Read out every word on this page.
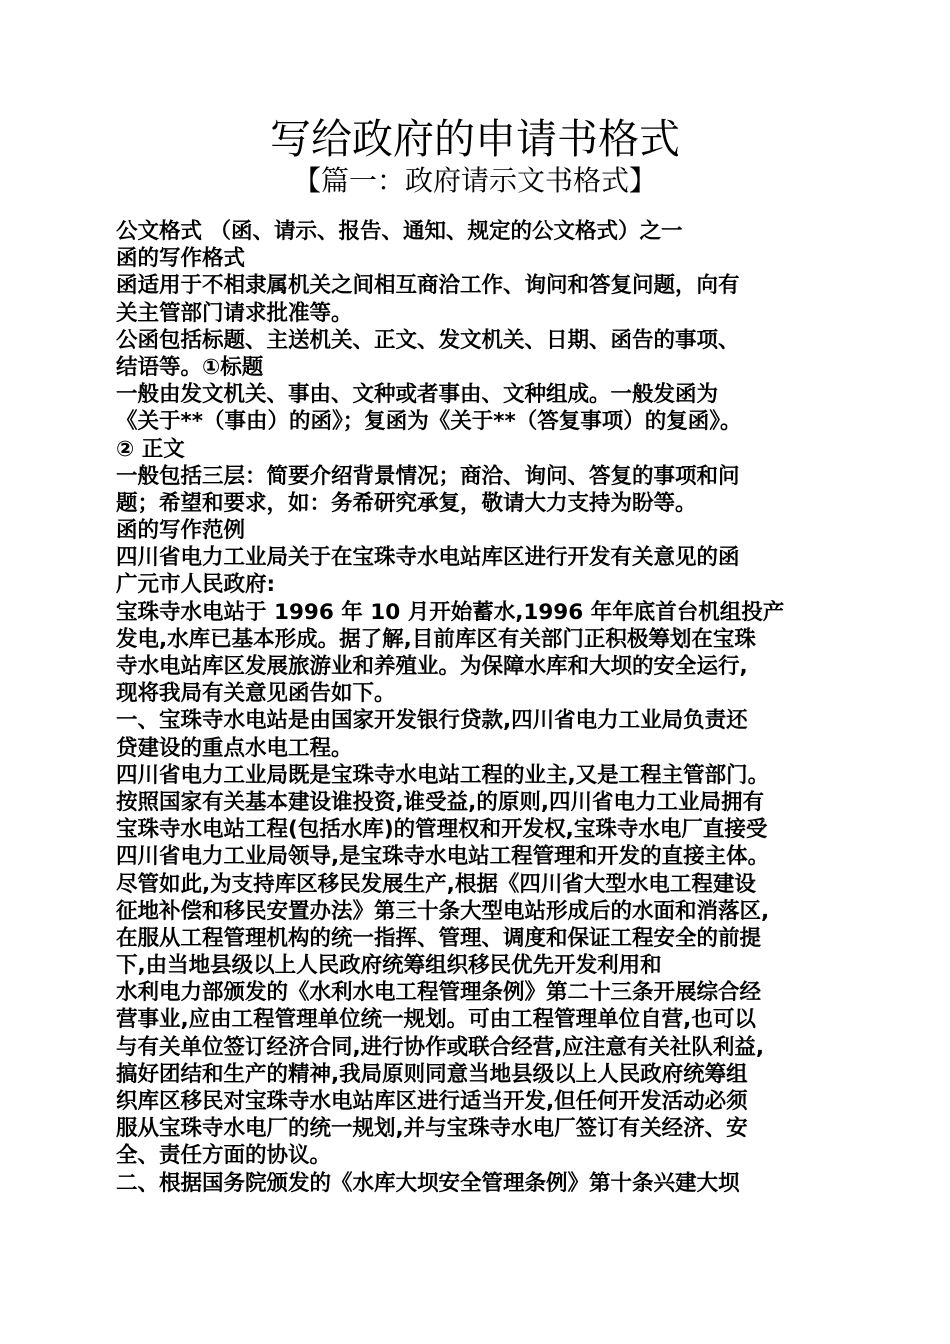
写给政府的申请书格式
【篇一：政府请示文书格式】
公文格式 （函、请示、报告、通知、规定的公文格式）之一
函的写作格式
函适用于不相隶属机关之间相互商洽工作、询问和答复问题，向有
关主管部门请求批准等。
公函包括标题、主送机关、正文、发文机关、日期、函告的事项、
结语等。①标题
一般由发文机关、事由、文种或者事由、文种组成。一般发函为
《关于**（事由）的函》；复函为《关于**（答复事项）的复函》。
② 正文
一般包括三层：简要介绍背景情况；商洽、询问、答复的事项和问
题；希望和要求，如：务希研究承复，敬请大力支持为盼等。
函的写作范例
四川省电力工业局关于在宝珠寺水电站库区进行开发有关意见的函
广元市人民政府:
宝珠寺水电站于 1996 年 10 月开始蓄水,1996 年年底首台机组投产
发电,水库已基本形成。据了解,目前库区有关部门正积极筹划在宝珠
寺水电站库区发展旅游业和养殖业。为保障水库和大坝的安全运行,
现将我局有关意见函告如下。
一、宝珠寺水电站是由国家开发银行贷款,四川省电力工业局负责还
贷建设的重点水电工程。
四川省电力工业局既是宝珠寺水电站工程的业主,又是工程主管部门。
按照国家有关基本建设谁投资,谁受益,的原则,四川省电力工业局拥有
宝珠寺水电站工程(包括水库)的管理权和开发权,宝珠寺水电厂直接受
四川省电力工业局领导,是宝珠寺水电站工程管理和开发的直接主体。
尽管如此,为支持库区移民发展生产,根据《四川省大型水电工程建设
征地补偿和移民安置办法》第三十条大型电站形成后的水面和消落区,
在服从工程管理机构的统一指挥、管理、调度和保证工程安全的前提
下,由当地县级以上人民政府统筹组织移民优先开发利用和
水利电力部颁发的《水利水电工程管理条例》第二十三条开展综合经
营事业,应由工程管理单位统一规划。可由工程管理单位自营,也可以
与有关单位签订经济合同,进行协作或联合经营,应注意有关社队利益,
搞好团结和生产的精神,我局原则同意当地县级以上人民政府统筹组
织库区移民对宝珠寺水电站库区进行适当开发,但任何开发活动必须
服从宝珠寺水电厂的统一规划,并与宝珠寺水电厂签订有关经济、安
全、责任方面的协议。
二、根据国务院颁发的《水库大坝安全管理条例》第十条兴建大坝
